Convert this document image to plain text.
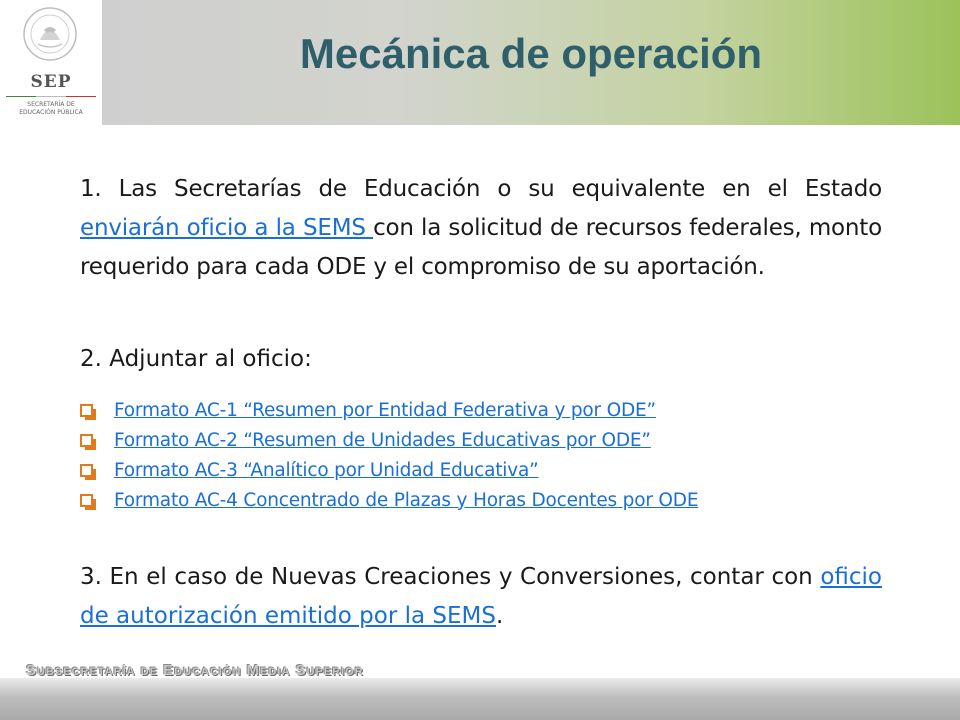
SEP
SECRETARÍA DE
EDUCACIÓN PÚBLICA
Mecánica de operación

1. Las Secretarías de Educación o su equivalente en el Estado enviarán oficio a la SEMS con la solicitud de recursos federales, monto requerido para cada ODE y el compromiso de su aportación.

2. Adjuntar al oficio:

Formato AC-1 “Resumen por Entidad Federativa y por ODE”
Formato AC-2 “Resumen de Unidades Educativas por ODE”
Formato AC-3 “Analítico por Unidad Educativa”
Formato AC-4 Concentrado de Plazas y Horas Docentes por ODE

3. En el caso de Nuevas Creaciones y Conversiones, contar con oficio de autorización emitido por la SEMS.

Subsecretaría de Educación Media Superior
